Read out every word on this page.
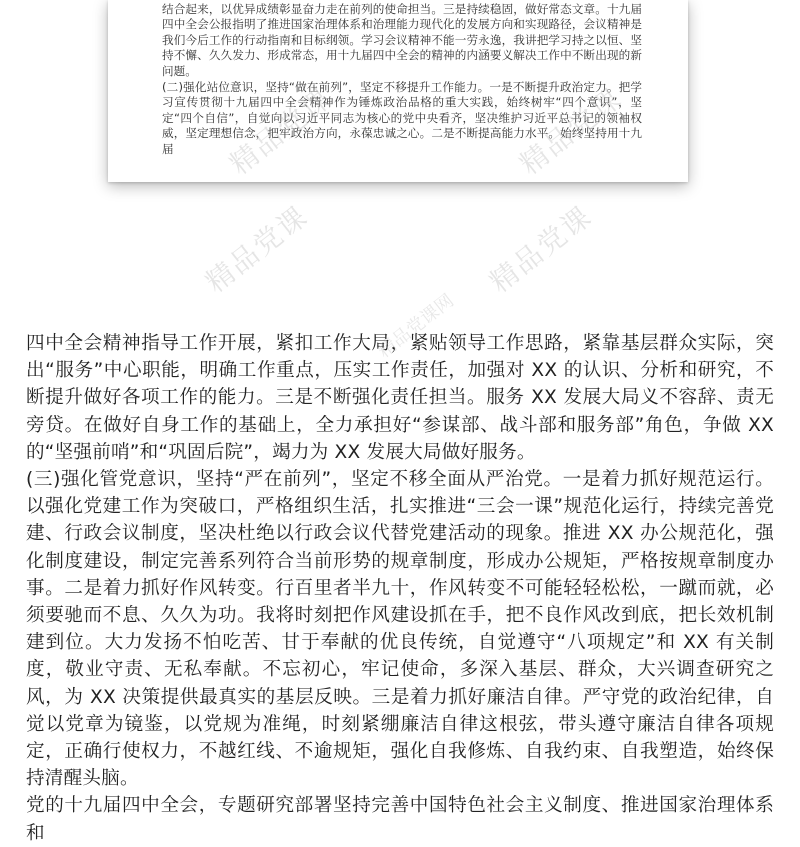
结合起来，以优异成绩彰显奋力走在前列的使命担当。三是持续稳固，做好常态文章。十九届四中全会公报指明了推进国家治理体系和治理能力现代化的发展方向和实现路径，会议精神是我们今后工作的行动指南和目标纲领。学习会议精神不能一劳永逸，我讲把学习持之以恒、坚持不懈、久久发力、形成常态，用十九届四中全会的精神的内涵要义解决工作中不断出现的新问题。

(二)强化站位意识，坚持“做在前列”，坚定不移提升工作能力。一是不断提升政治定力。把学习宣传贯彻十九届四中全会精神作为锤炼政治品格的重大实践，始终树牢“四个意识”，坚定“四个自信”，自觉向以习近平同志为核心的党中央看齐，坚决维护习近平总书记的领袖权威，坚定理想信念，把牢政治方向，永葆忠诚之心。二是不断提高能力水平。始终坚持用十九届

精品党课	精品党课
精品党课	精品党课
精品党课网

四中全会精神指导工作开展，紧扣工作大局，紧贴领导工作思路，紧靠基层群众实际，突出“服务”中心职能，明确工作重点，压实工作责任，加强对 XX 的认识、分析和研究，不断提升做好各项工作的能力。三是不断强化责任担当。服务 XX 发展大局义不容辞、责无旁贷。在做好自身工作的基础上，全力承担好“参谋部、战斗部和服务部”角色，争做 XX 的“坚强前哨”和“巩固后院”，竭力为 XX 发展大局做好服务。

(三)强化管党意识，坚持“严在前列”，坚定不移全面从严治党。一是着力抓好规范运行。以强化党建工作为突破口，严格组织生活，扎实推进“三会一课”规范化运行，持续完善党建、行政会议制度，坚决杜绝以行政会议代替党建活动的现象。推进 XX 办公规范化，强化制度建设，制定完善系列符合当前形势的规章制度，形成办公规矩，严格按规章制度办事。二是着力抓好作风转变。行百里者半九十，作风转变不可能轻轻松松，一蹴而就，必须要驰而不息、久久为功。我将时刻把作风建设抓在手，把不良作风改到底，把长效机制建到位。大力发扬不怕吃苦、甘于奉献的优良传统，自觉遵守“八项规定”和 XX 有关制度，敬业守责、无私奉献。不忘初心，牢记使命，多深入基层、群众，大兴调查研究之风，为 XX 决策提供最真实的基层反映。三是着力抓好廉洁自律。严守党的政治纪律，自觉以党章为镜鉴，以党规为准绳，时刻紧绷廉洁自律这根弦，带头遵守廉洁自律各项规定，正确行使权力，不越红线、不逾规矩，强化自我修炼、自我约束、自我塑造，始终保持清醒头脑。

党的十九届四中全会，专题研究部署坚持完善中国特色社会主义制度、推进国家治理体系和
